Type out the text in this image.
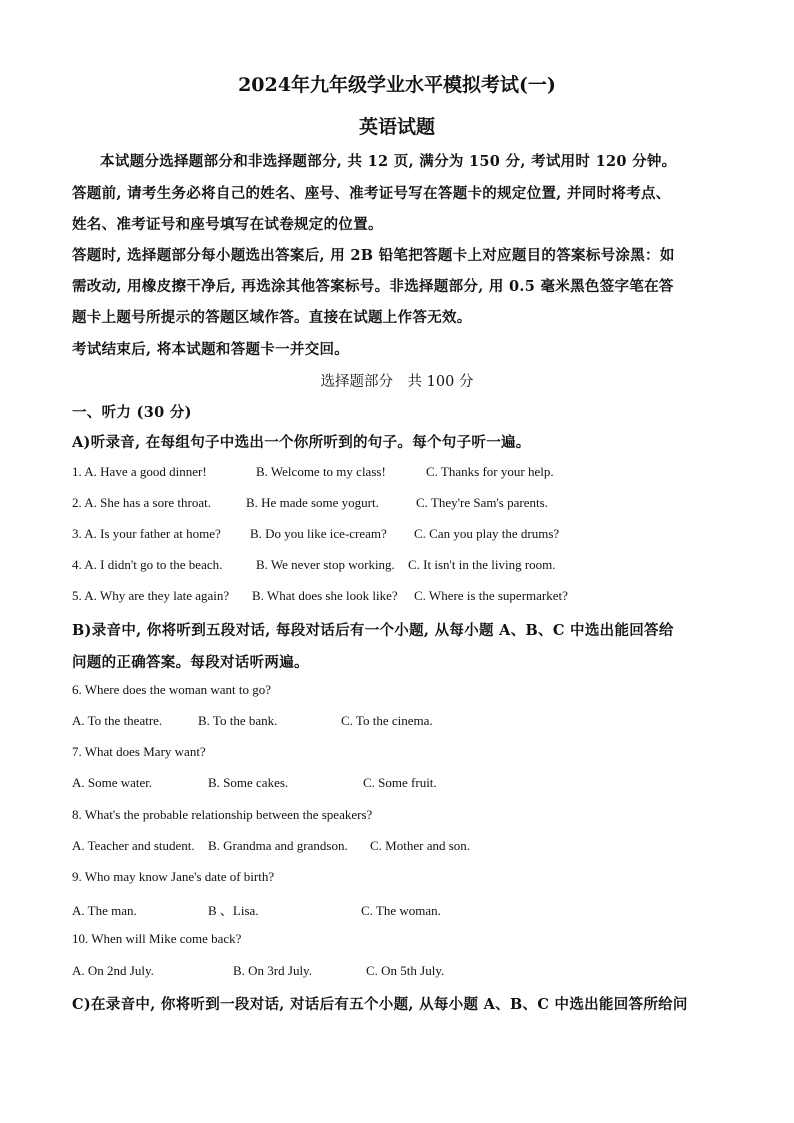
2024年九年级学业水平模拟考试(一)
英语试题
本试题分选择题部分和非选择题部分, 共 12 页, 满分为 150 分, 考试用时 120 分钟。
答题前, 请考生务必将自己的姓名、座号、准考证号写在答题卡的规定位置, 并同时将考点、
姓名、准考证号和座号填写在试卷规定的位置。
答题时, 选择题部分每小题选出答案后, 用 2B 铅笔把答题卡上对应题目的答案标号涂黑：如
需改动, 用橡皮擦干净后, 再选涂其他答案标号。非选择题部分, 用 0.5 毫米黑色签字笔在答
题卡上题号所提示的答题区域作答。直接在试题上作答无效。
考试结束后, 将本试题和答题卡一并交回。
选择题部分　共 100 分
一、听力 (30 分)
A)听录音, 在每组句子中选出一个你所听到的句子。每个句子听一遍。
1. A. Have a good dinner!	B. Welcome to my class!	C. Thanks for your help.
2. A. She has a sore throat.	B. He made some yogurt.	C. They're Sam's parents.
3. A. Is your father at home? B. Do you like ice-cream? C. Can you play the drums?
4. A. I didn't go to the beach.	B. We never stop working. C. It isn't in the living room.
5. A. Why are they late again? B. What does she look like? C. Where is the supermarket?
B)录音中, 你将听到五段对话, 每段对话后有一个小题, 从每小题 A、B、C 中选出能回答给
问题的正确答案。每段对话听两遍。
6. Where does the woman want to go?
A. To the theatre.	B. To the bank.	C. To the cinema.
7. What does Mary want?
A. Some water.	B. Some cakes.	C. Some fruit.
8. What's the probable relationship between the speakers?
A. Teacher and student. B. Grandma and grandson. C. Mother and son.
9. Who may know Jane's date of birth?
A. The man.	B 、Lisa.	C. The woman.
10. When will Mike come back?
A. On 2nd July.	B. On 3rd July.	C. On 5th July.
C)在录音中, 你将听到一段对话, 对话后有五个小题, 从每小题 A、B、C 中选出能回答所给问
